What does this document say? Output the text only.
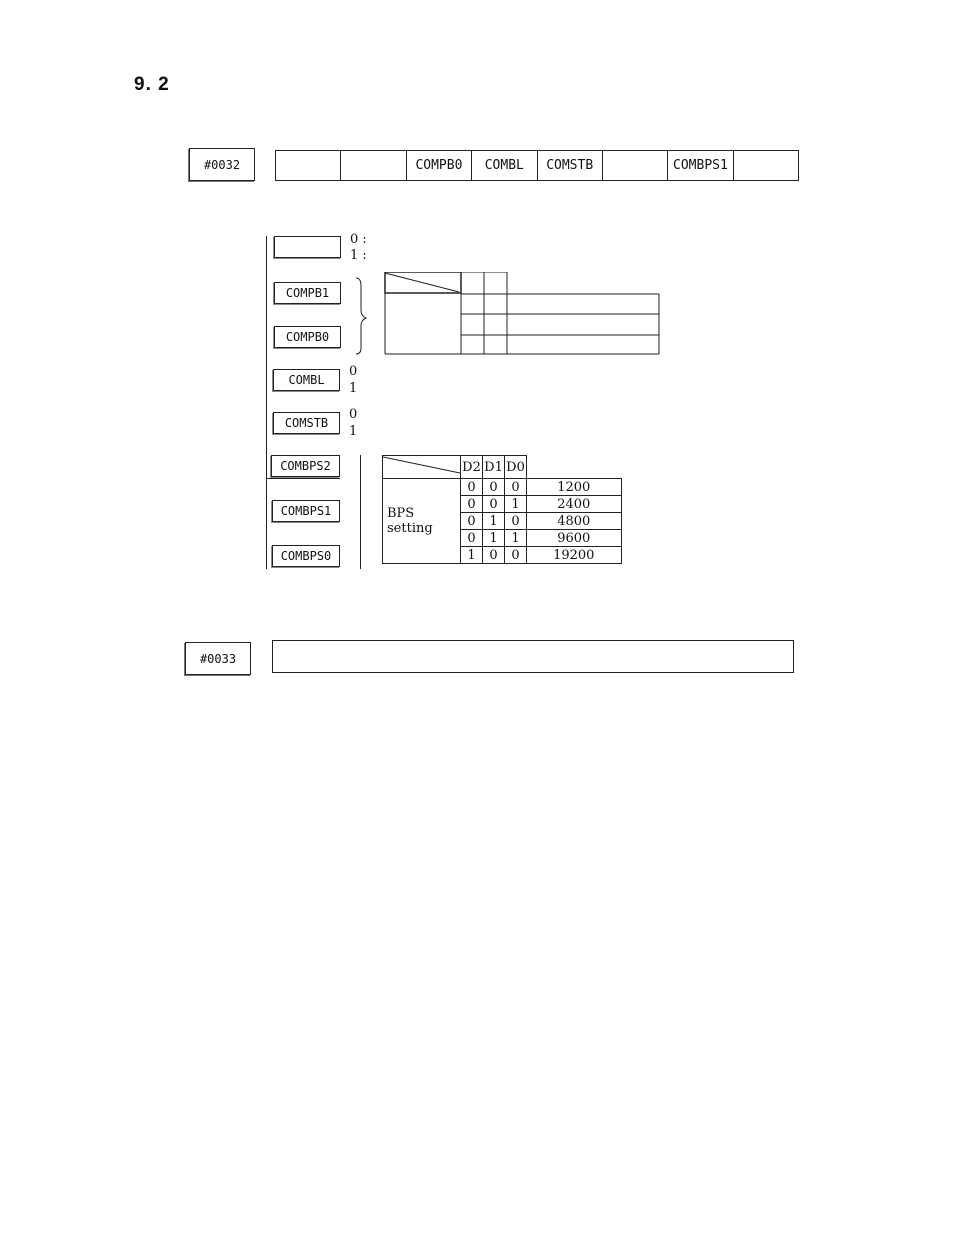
9. 2
#0032	COMPB0	COMBL	COMSTB	COMBPS1
0 :
1 :
COMPB1
COMPB0
COMBL
0
1
COMSTB
0
1
COMBPS2
COMBPS1
COMBPS0
	D2	D1	D0	

BPS
setting	0	0	0	1200
	0	0	1	2400
	0	1	0	4800
	0	1	1	9600
	1	0	0	19200
#0033
